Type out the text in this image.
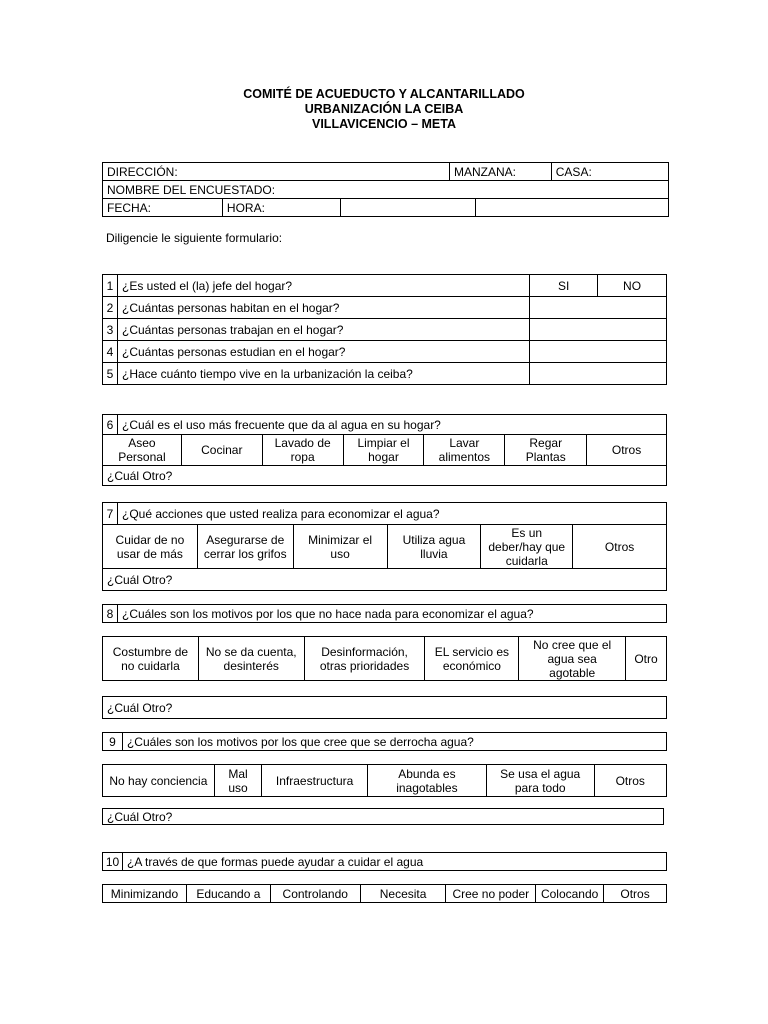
COMITÉ DE ACUEDUCTO Y ALCANTARILLADO
URBANIZACIÓN LA CEIBA
VILLAVICENCIO – META
DIRECCIÓN:			MANZANA:		CASA:
NOMBRE DEL ENCUESTADO:					
FECHA:	HORA:				
Diligencie le siguiente formulario:
1	¿Es usted el (la) jefe del hogar?	SI	NO
2	¿Cuántas personas habitan en el hogar?		
3	¿Cuántas personas trabajan en el hogar?		
4	¿Cuántas personas estudian en el hogar?		
5	¿Hace cuánto tiempo vive en la urbanización la ceiba?		
6	¿Cuál es el uso más frecuente que da al agua en su hogar?						
Aseo Personal		Cocinar	Lavado de ropa	Limpiar el hogar	Lavar alimentos	Regar Plantas	Otros
¿Cuál Otro?							
7	¿Qué acciones que usted realiza para economizar el agua?					
Cuidar de no usar de más		Asegurarse de cerrar los grifos	Minimizar el uso	Utiliza agua lluvia	Es un deber/hay que cuidarla	Otros
¿Cuál Otro?						
8	¿Cuáles son los motivos por los que no hace nada para economizar el agua?
Costumbre de no cuidarla	No se da cuenta, desinterés	Desinformación, otras prioridades	EL servicio es económico	No cree que el agua sea agotable	Otro
¿Cuál Otro?
9	¿Cuáles son los motivos por los que cree que se derrocha agua?
No hay conciencia	Mal uso	Infraestructura	Abunda es inagotables	Se usa el agua para todo	Otros
¿Cuál Otro?
10	¿A través de que formas puede ayudar a cuidar el agua
Minimizando	Educando a	Controlando	Necesita	Cree no poder	Colocando	Otros
